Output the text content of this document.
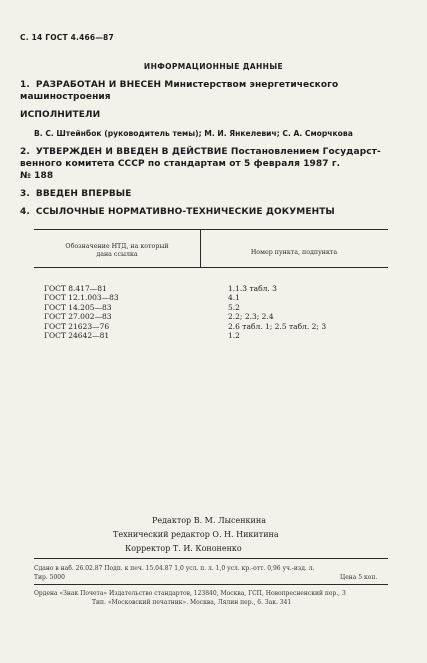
С. 14 ГОСТ 4.466—87
ИНФОРМАЦИОННЫЕ ДАННЫЕ
1. РАЗРАБОТАН И ВНЕСЕН Министерством энергетического
машиностроения
ИСПОЛНИТЕЛИ
В. С. Штейнбок (руководитель темы); М. И. Янкелевич; С. А. Сморчкова
2. УТВЕРЖДЕН И ВВЕДЕН В ДЕЙСТВИЕ Постановлением Государст-
венного комитета СССР по стандартам от 5 февраля 1987 г.
№ 188
3. ВВЕДЕН ВПЕРВЫЕ
4. ССЫЛОЧНЫЕ НОРМАТИВНО-ТЕХНИЧЕСКИЕ ДОКУМЕНТЫ
Обозначение НТД, на который
дана ссылка	Номер пункта, подпункта
ГОСТ 8.417—81
ГОСТ 12.1.003—83
ГОСТ 14.205—83
ГОСТ 27.002—83
ГОСТ 21623—76
ГОСТ 24642—81
1.1.3 табл. 3
4.1
5.2
2.2; 2.3; 2.4
2.6 табл. 1; 2.5 табл. 2; 3
1.2
Редактор В. М. Лысенкина
Технический редактор О. Н. Никитина
Корректор Т. И. Кононенко
Сдано в наб. 26.02.87 Подп. к печ. 15.04.87 1,0 усл. п. л. 1,0 усл. кр.-отт. 0,96 уч.-изд. л.
Тир. 5000	Цена 5 коп.
Ордена «Знак Почета» Издательство стандартов, 123840, Москва, ГСП, Новопресненский пер., 3
Тип. «Московский печатник». Москва, Лялин пер., 6. Зак. 341
